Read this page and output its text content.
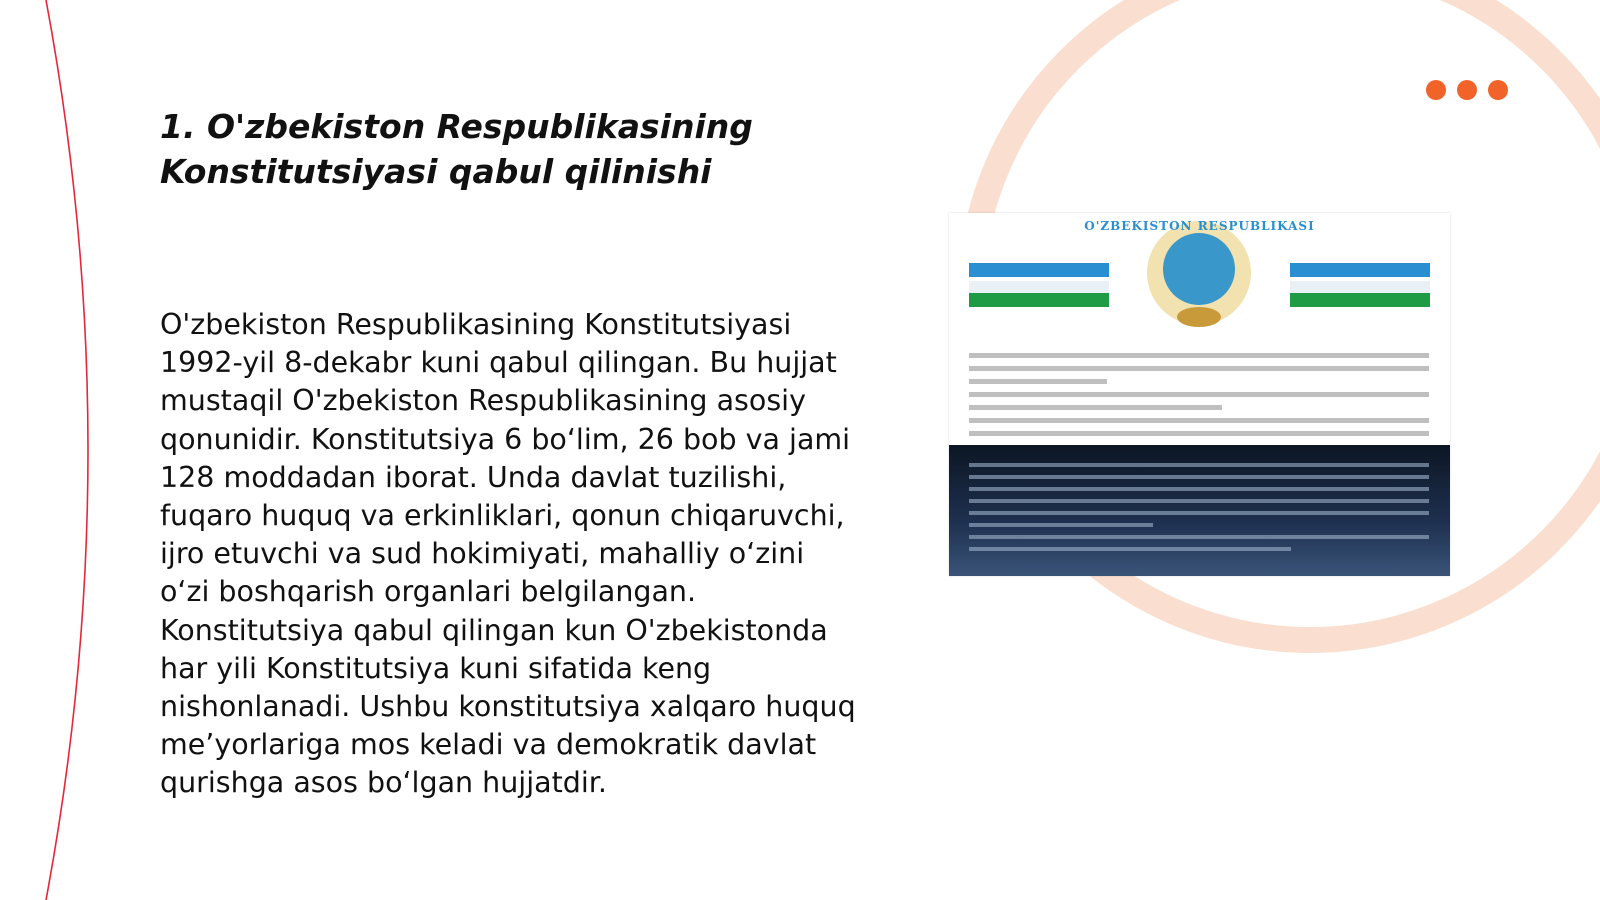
1. O'zbekiston Respublikasining Konstitutsiyasi qabul qilinishi

O'zbekiston Respublikasining Konstitutsiyasi 1992-yil 8-dekabr kuni qabul qilingan. Bu hujjat mustaqil O'zbekiston Respublikasining asosiy qonunidir. Konstitutsiya 6 bo‘lim, 26 bob va jami 128 moddadan iborat. Unda davlat tuzilishi, fuqaro huquq va erkinliklari, qonun chiqaruvchi, ijro etuvchi va sud hokimiyati, mahalliy o‘zini o‘zi boshqarish organlari belgilangan. Konstitutsiya qabul qilingan kun O'zbekistonda har yili Konstitutsiya kuni sifatida keng nishonlanadi. Ushbu konstitutsiya xalqaro huquq me’yorlariga mos keladi va demokratik davlat qurishga asos bo‘lgan hujjatdir.

O'ZBEKISTON RESPUBLIKASI
